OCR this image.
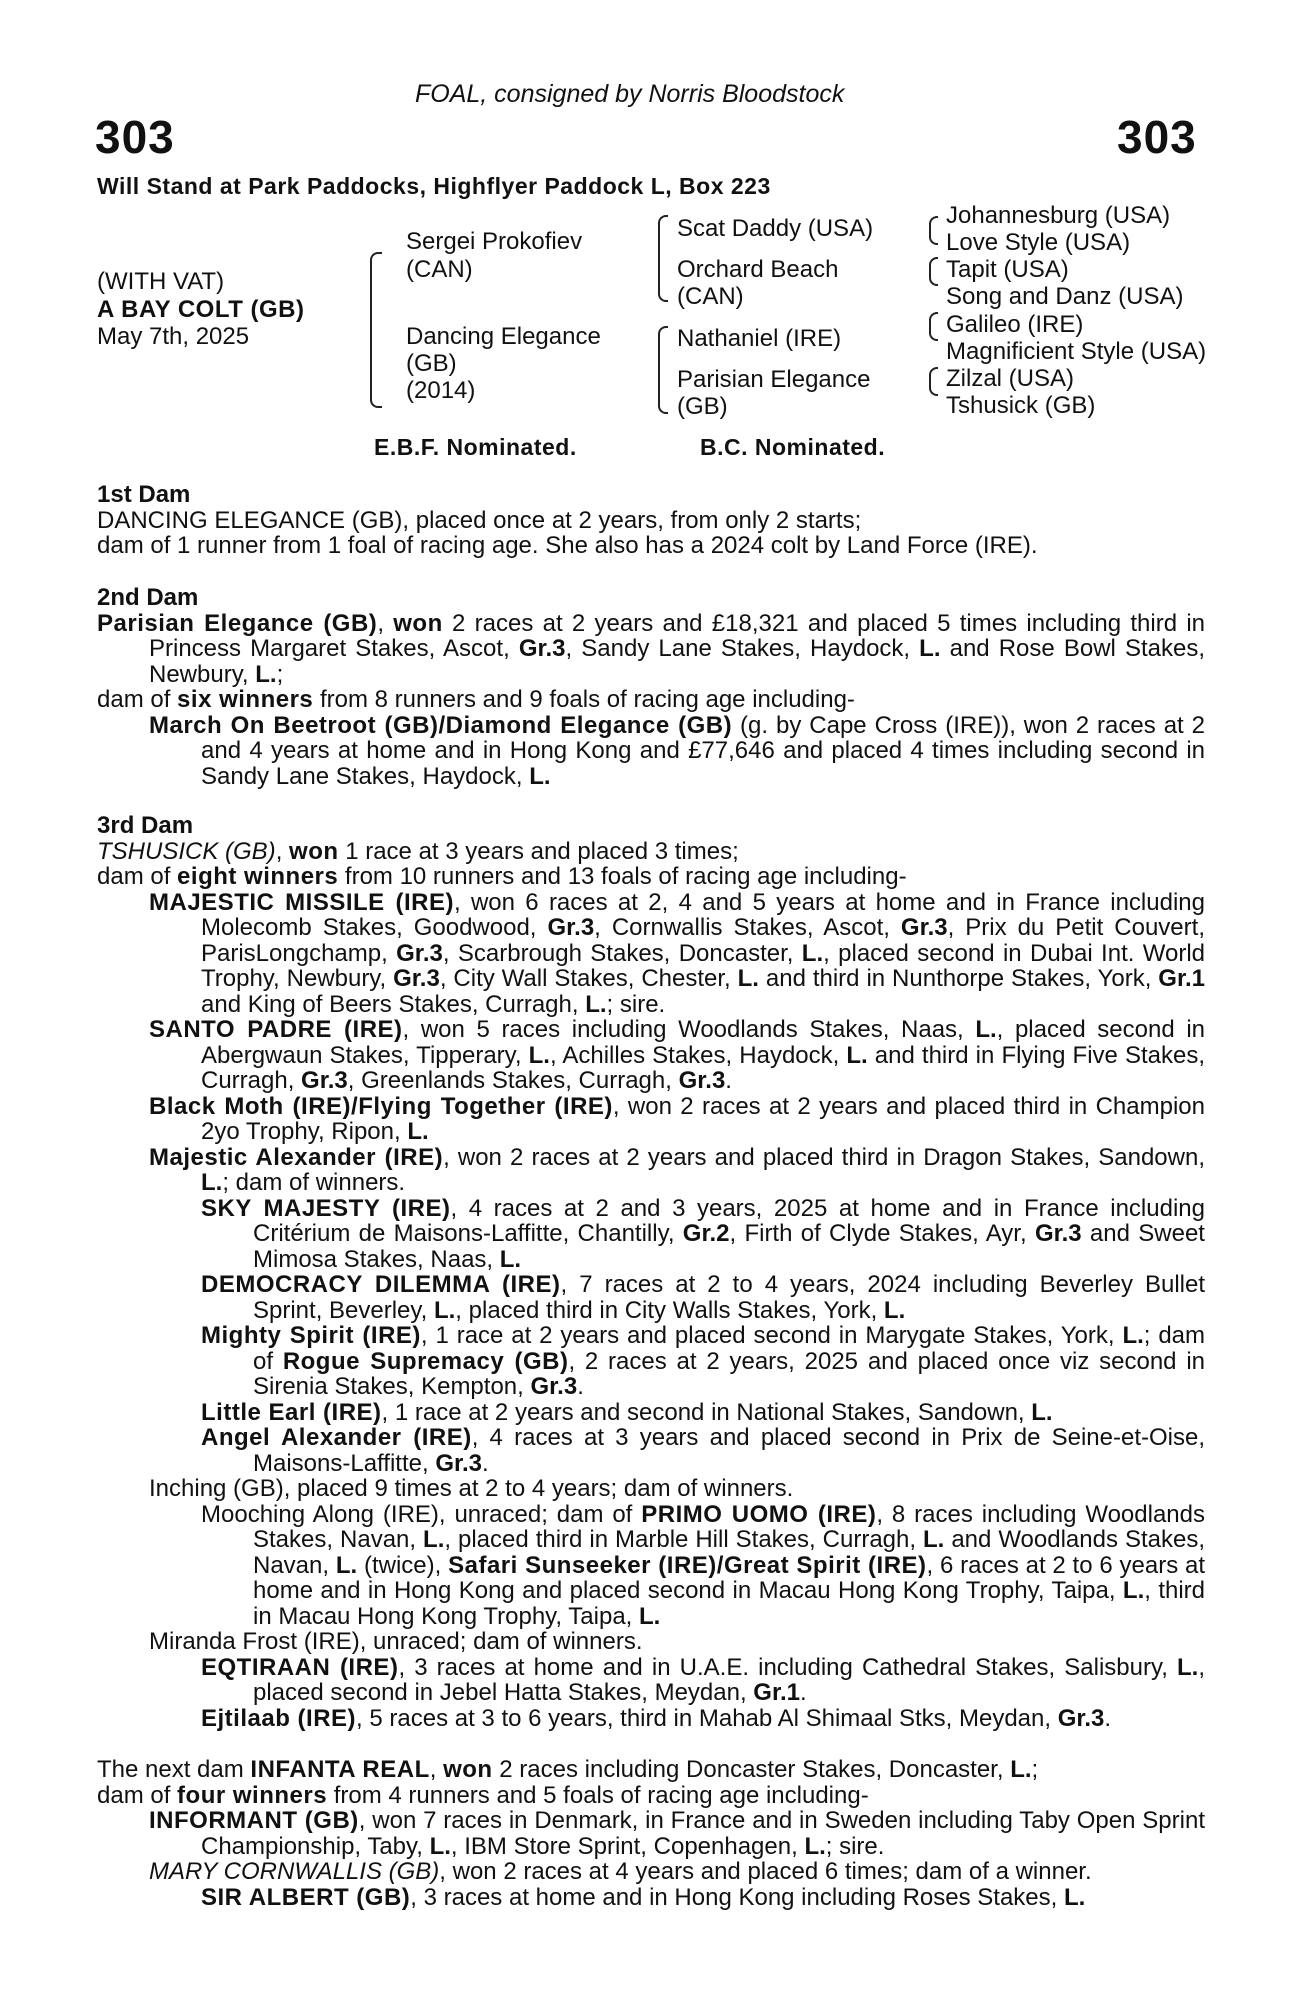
FOAL, consigned by Norris Bloodstock
303	303
Will Stand at Park Paddocks, Highflyer Paddock L, Box 223
(WITH VAT)
A BAY COLT (GB)
May 7th, 2025
Sergei Prokofiev
(CAN)
Dancing Elegance
(GB)
(2014)
Scat Daddy (USA)
Orchard Beach
(CAN)
Nathaniel (IRE)
Parisian Elegance
(GB)
Johannesburg (USA)
Love Style (USA)
Tapit (USA)
Song and Danz (USA)
Galileo (IRE)
Magnificient Style (USA)
Zilzal (USA)
Tshusick (GB)
E.B.F. Nominated.	B.C. Nominated.

1st Dam

DANCING ELEGANCE (GB), placed once at 2 years, from only 2 starts;

dam of 1 runner from 1 foal of racing age. She also has a 2024 colt by Land Force (IRE).

2nd Dam

Parisian Elegance (GB), won 2 races at 2 years and £18,321 and placed 5 times including third in Princess Margaret Stakes, Ascot, Gr.3, Sandy Lane Stakes, Haydock, L. and Rose Bowl Stakes, Newbury, L.;

dam of six winners from 8 runners and 9 foals of racing age including-

March On Beetroot (GB)/Diamond Elegance (GB) (g. by Cape Cross (IRE)), won 2 races at 2 and 4 years at home and in Hong Kong and £77,646 and placed 4 times including second in Sandy Lane Stakes, Haydock, L.

3rd Dam

TSHUSICK (GB), won 1 race at 3 years and placed 3 times;

dam of eight winners from 10 runners and 13 foals of racing age including-

MAJESTIC MISSILE (IRE), won 6 races at 2, 4 and 5 years at home and in France including Molecomb Stakes, Goodwood, Gr.3, Cornwallis Stakes, Ascot, Gr.3, Prix du Petit Couvert, ParisLongchamp, Gr.3, Scarbrough Stakes, Doncaster, L., placed second in Dubai Int. World Trophy, Newbury, Gr.3, City Wall Stakes, Chester, L. and third in Nunthorpe Stakes, York, Gr.1 and King of Beers Stakes, Curragh, L.; sire.

SANTO PADRE (IRE), won 5 races including Woodlands Stakes, Naas, L., placed second in Abergwaun Stakes, Tipperary, L., Achilles Stakes, Haydock, L. and third in Flying Five Stakes, Curragh, Gr.3, Greenlands Stakes, Curragh, Gr.3.

Black Moth (IRE)/Flying Together (IRE), won 2 races at 2 years and placed third in Champion 2yo Trophy, Ripon, L.

Majestic Alexander (IRE), won 2 races at 2 years and placed third in Dragon Stakes, Sandown, L.; dam of winners.

SKY MAJESTY (IRE), 4 races at 2 and 3 years, 2025 at home and in France including Critérium de Maisons-Laffitte, Chantilly, Gr.2, Firth of Clyde Stakes, Ayr, Gr.3 and Sweet Mimosa Stakes, Naas, L.

DEMOCRACY DILEMMA (IRE), 7 races at 2 to 4 years, 2024 including Beverley Bullet Sprint, Beverley, L., placed third in City Walls Stakes, York, L.

Mighty Spirit (IRE), 1 race at 2 years and placed second in Marygate Stakes, York, L.; dam of Rogue Supremacy (GB), 2 races at 2 years, 2025 and placed once viz second in Sirenia Stakes, Kempton, Gr.3.

Little Earl (IRE), 1 race at 2 years and second in National Stakes, Sandown, L.

Angel Alexander (IRE), 4 races at 3 years and placed second in Prix de Seine-et-Oise, Maisons-Laffitte, Gr.3.

Inching (GB), placed 9 times at 2 to 4 years; dam of winners.

Mooching Along (IRE), unraced; dam of PRIMO UOMO (IRE), 8 races including Woodlands Stakes, Navan, L., placed third in Marble Hill Stakes, Curragh, L. and Woodlands Stakes, Navan, L. (twice), Safari Sunseeker (IRE)/Great Spirit (IRE), 6 races at 2 to 6 years at home and in Hong Kong and placed second in Macau Hong Kong Trophy, Taipa, L., third in Macau Hong Kong Trophy, Taipa, L.

Miranda Frost (IRE), unraced; dam of winners.

EQTIRAAN (IRE), 3 races at home and in U.A.E. including Cathedral Stakes, Salisbury, L., placed second in Jebel Hatta Stakes, Meydan, Gr.1.

Ejtilaab (IRE), 5 races at 3 to 6 years, third in Mahab Al Shimaal Stks, Meydan, Gr.3.

The next dam INFANTA REAL, won 2 races including Doncaster Stakes, Doncaster, L.;

dam of four winners from 4 runners and 5 foals of racing age including-

INFORMANT (GB), won 7 races in Denmark, in France and in Sweden including Taby Open Sprint Championship, Taby, L., IBM Store Sprint, Copenhagen, L.; sire.

MARY CORNWALLIS (GB), won 2 races at 4 years and placed 6 times; dam of a winner.

SIR ALBERT (GB), 3 races at home and in Hong Kong including Roses Stakes, L.
